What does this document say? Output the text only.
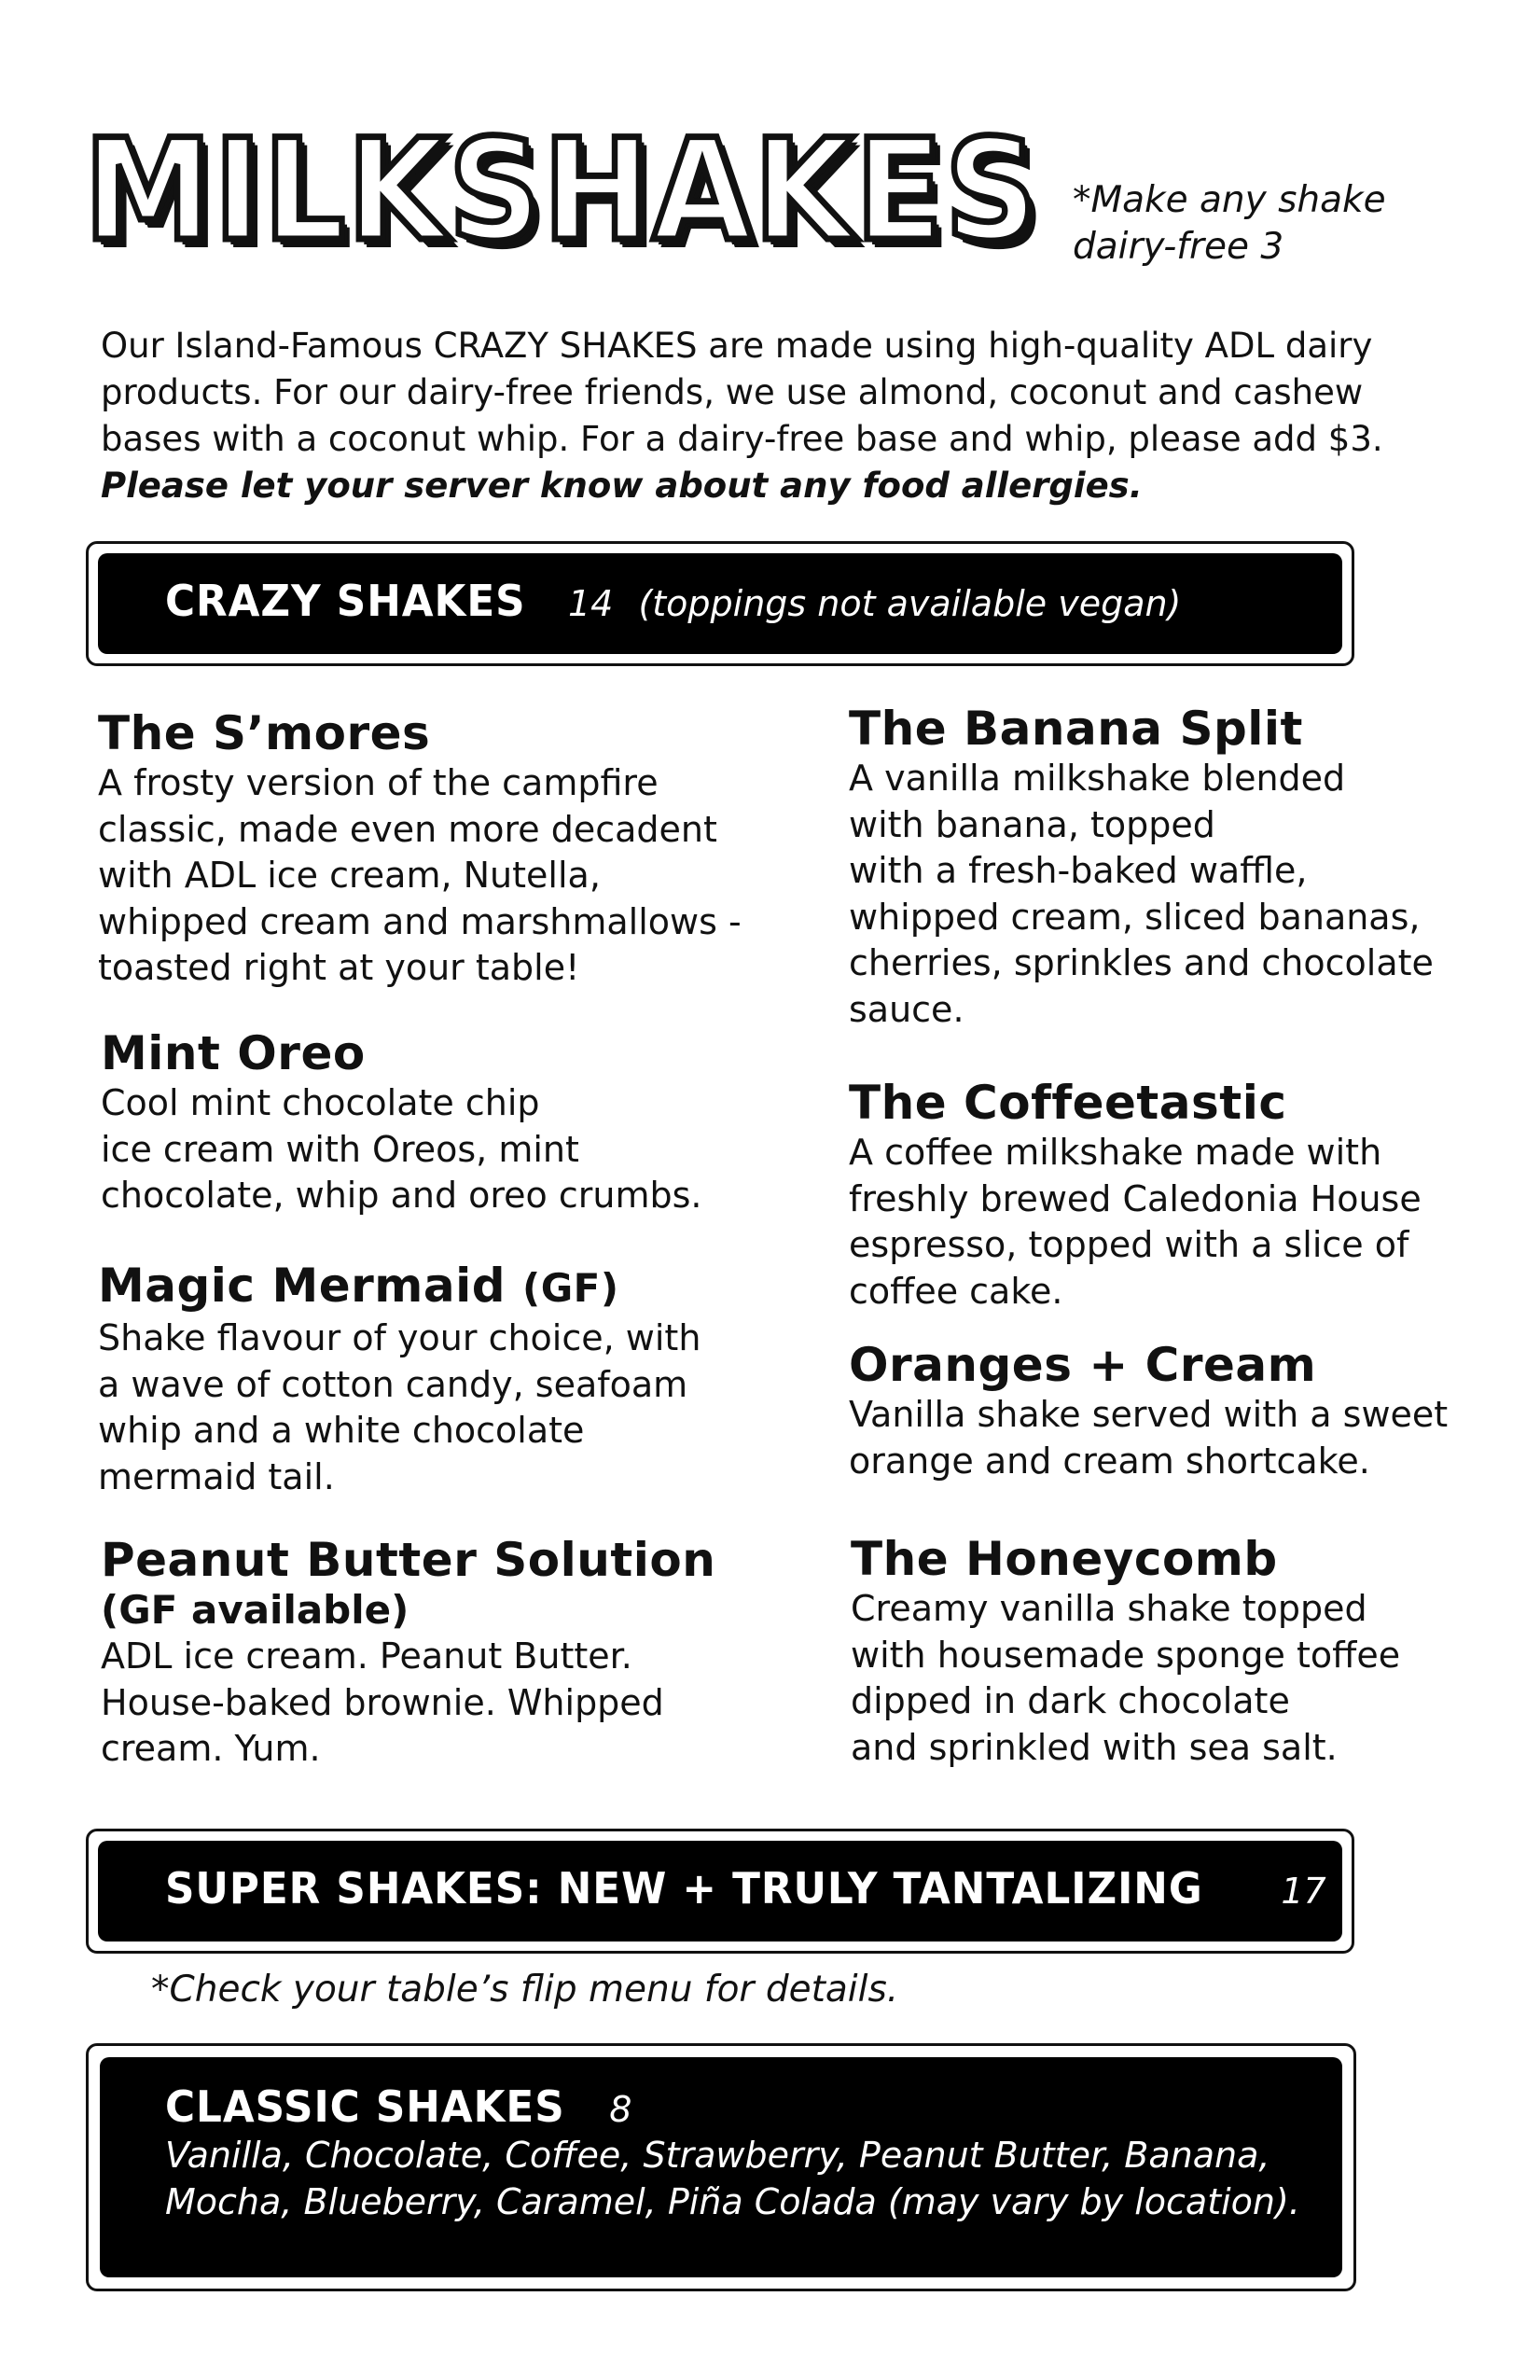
MILKSHAKES *Make any shake
dairy-free 3
Our Island-Famous CRAZY SHAKES are made using high-quality ADL dairy products. For our dairy-free friends, we use almond, coconut and cashew bases with a coconut whip. For a dairy-free base and whip, please add $3. Please let your server know about any food allergies.
CRAZY SHAKES 14 (toppings not available vegan)

The S’mores

A frosty version of the campfire
classic, made even more decadent
with ADL ice cream, Nutella,
whipped cream and marshmallows -
toasted right at your table!

Mint Oreo

Cool mint chocolate chip
ice cream with Oreos, mint
chocolate, whip and oreo crumbs.

Magic Mermaid (GF)

Shake flavour of your choice, with
a wave of cotton candy, seafoam
whip and a white chocolate
mermaid tail.

Peanut Butter Solution

(GF available)

ADL ice cream. Peanut Butter.
House-baked brownie. Whipped
cream. Yum.

The Banana Split

A vanilla milkshake blended
with banana, topped
with a fresh-baked waffle,
whipped cream, sliced bananas,
cherries, sprinkles and chocolate
sauce.

The Coffeetastic

A coffee milkshake made with
freshly brewed Caledonia House
espresso, topped with a slice of
coffee cake.

Oranges + Cream

Vanilla shake served with a sweet
orange and cream shortcake.

The Honeycomb

Creamy vanilla shake topped
with housemade sponge toffee
dipped in dark chocolate
and sprinkled with sea salt.

SUPER SHAKES: NEW + TRULY TANTALIZING 17
*Check your table’s flip menu for details.
CLASSIC SHAKES 8
Vanilla, Chocolate, Coffee, Strawberry, Peanut Butter, Banana,
Mocha, Blueberry, Caramel, Piña Colada (may vary by location).
